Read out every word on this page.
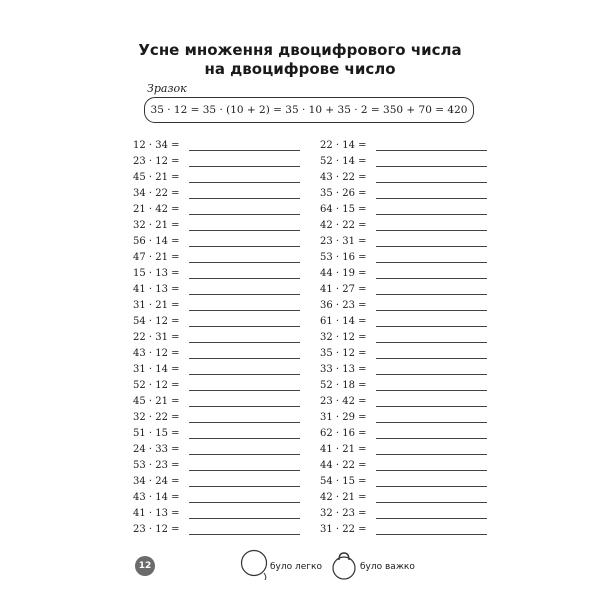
Усне множення двоцифрового числа
на двоцифрове число
Зразок
35 · 12 = 35 · (10 + 2) = 35 · 10 + 35 · 2 = 350 + 70 = 420
12 · 34 =
23 · 12 =
45 · 21 =
34 · 22 =
21 · 42 =
32 · 21 =
56 · 14 =
47 · 21 =
15 · 13 =
41 · 13 =
31 · 21 =
54 · 12 =
22 · 31 =
43 · 12 =
31 · 14 =
52 · 12 =
45 · 21 =
32 · 22 =
51 · 15 =
24 · 33 =
53 · 23 =
34 · 24 =
43 · 14 =
41 · 13 =
23 · 12 =
22 · 14 =
52 · 14 =
43 · 22 =
35 · 26 =
64 · 15 =
42 · 22 =
23 · 31 =
53 · 16 =
44 · 19 =
41 · 27 =
36 · 23 =
61 · 14 =
32 · 12 =
35 · 12 =
33 · 13 =
52 · 18 =
23 · 42 =
31 · 29 =
62 · 16 =
41 · 21 =
44 · 22 =
54 · 15 =
42 · 21 =
32 · 23 =
31 · 22 =
12	було легко	було важко
